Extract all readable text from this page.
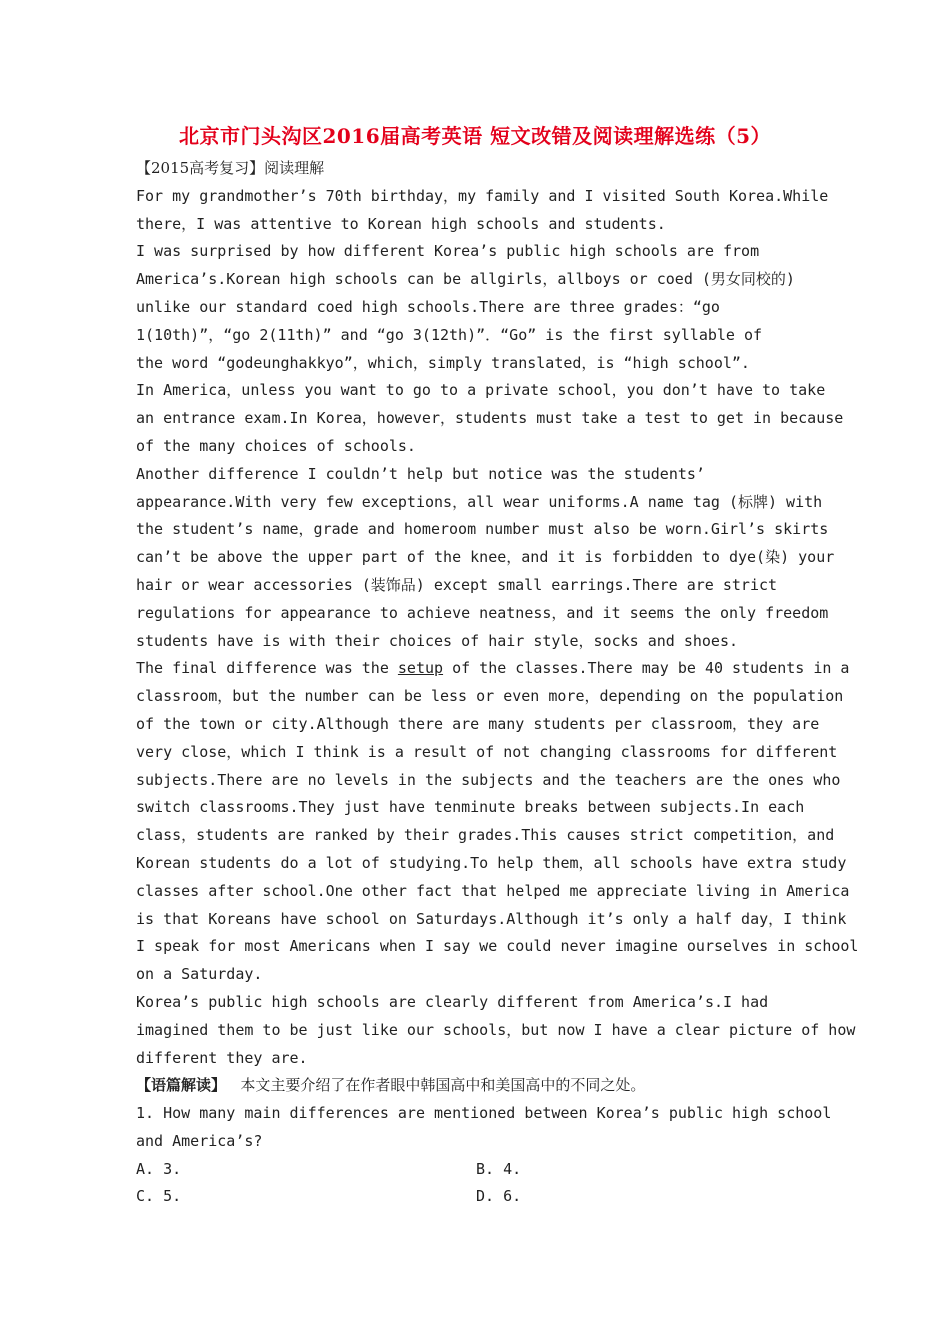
北京市门头沟区2016届高考英语 短文改错及阅读理解选练（5）
【2015高考复习】阅读理解
For my grandmother’s 70th birthday，my family and I visited South Korea.While
there，I was attentive to Korean high schools and students.
I was surprised by how different Korea’s public high schools are from
America’s.Korean high schools can be allgirls，allboys or coed (男女同校的)
unlike our standard coed high schools.There are three grades：“go
1(10th)”，“go 2(11th)” and “go 3(12th)”．“Go” is the first syllable of
the word “godeunghakkyo”，which，simply translated，is “high school”.
In America，unless you want to go to a private school，you don’t have to take
an entrance exam.In Korea，however，students must take a test to get in because
of the many choices of schools.
Another difference I couldn’t help but notice was the students’
appearance.With very few exceptions，all wear uniforms.A name tag (标牌) with
the student’s name，grade and homeroom number must also be worn.Girl’s skirts
can’t be above the upper part of the knee，and it is forbidden to dye(染) your
hair or wear accessories (装饰品) except small earrings.There are strict
regulations for appearance to achieve neatness，and it seems the only freedom
students have is with their choices of hair style，socks and shoes.
The final difference was the setup of the classes.There may be 40 students in a
classroom，but the number can be less or even more，depending on the population
of the town or city.Although there are many students per classroom，they are
very close，which I think is a result of not changing classrooms for different
subjects.There are no levels in the subjects and the teachers are the ones who
switch classrooms.They just have tenminute breaks between subjects.In each
class，students are ranked by their grades.This causes strict competition，and
Korean students do a lot of studying.To help them，all schools have extra study
classes after school.One other fact that helped me appreciate living in America
is that Koreans have school on Saturdays.Although it’s only a half day，I think
I speak for most Americans when I say we could never imagine ourselves in school
on a Saturday.
Korea’s public high schools are clearly different from America’s.I had
imagined them to be just like our schools，but now I have a clear picture of how
different they are.
【语篇解读】 本文主要介绍了在作者眼中韩国高中和美国高中的不同之处。
1. How many main differences are mentioned between Korea’s public high school
and America’s?
A. 3.	B. 4.
C. 5.	D. 6.
